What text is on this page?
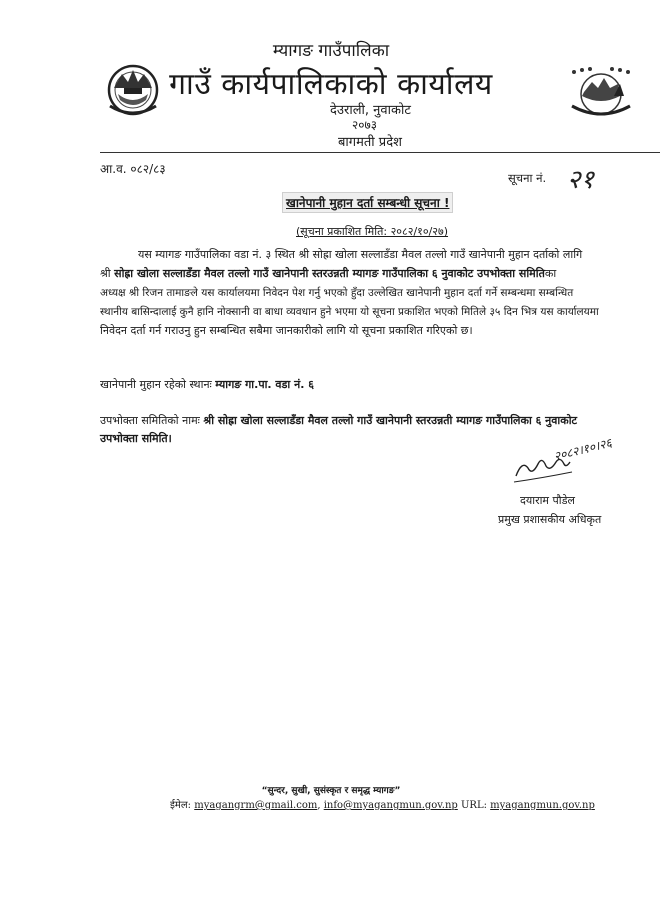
म्यागङ गाउँपालिका
गाउँ कार्यपालिकाको कार्यालय
देउराली, नुवाकोट
२०७३
बागमती प्रदेश
आ.व. ०८२/८३
सूचना नं. २१
खानेपानी मुहान दर्ता सम्बन्धी सूचना !
(सूचना प्रकाशित मिति: २०८२/१०/२७)
यस म्यागङ गाउँपालिका वडा नं. ३ स्थित श्री सोह्रा खोला सल्लाडँडा मैवल तल्लो गाउँ खानेपानी मुहान दर्ताको लागि
श्री सोह्रा खोला सल्लाडँडा मैवल तल्लो गाउँ खानेपानी स्तरउन्नती म्यागङ गाउँपालिका ६ नुवाकोट उपभोक्ता समितिका
अध्यक्ष श्री रिजन तामाङले यस कार्यालयमा निवेदन पेश गर्नु भएको हुँदा उल्लेखित खानेपानी मुहान दर्ता गर्ने सम्बन्धमा सम्बन्धित
स्थानीय बासिन्दालाई कुनै हानि नोक्सानी वा बाधा व्यवधान हुने भएमा यो सूचना प्रकाशित भएको मितिले ३५ दिन भित्र यस कार्यालयमा
निवेदन दर्ता गर्न गराउनु हुन सम्बन्धित सबैमा जानकारीको लागि यो सूचना प्रकाशित गरिएको छ।
खानेपानी मुहान रहेको स्थानः म्यागङ गा.पा. वडा नं. ६
उपभोक्ता समितिको नामः श्री सोह्रा खोला सल्लाडँडा मैवल तल्लो गाउँ खानेपानी स्तरउन्नती म्यागङ गाउँपालिका ६ नुवाकोट
उपभोक्ता समिति।	२०८२।१०।२६
दयाराम पौडेल
प्रमुख प्रशासकीय अधिकृत
“सुन्दर, सुखी, सुसंस्कृत र समृद्ध म्यागङ”
ईमेल: myagangrm@gmail.com, info@myagangmun.gov.np URL: myagangmun.gov.np
